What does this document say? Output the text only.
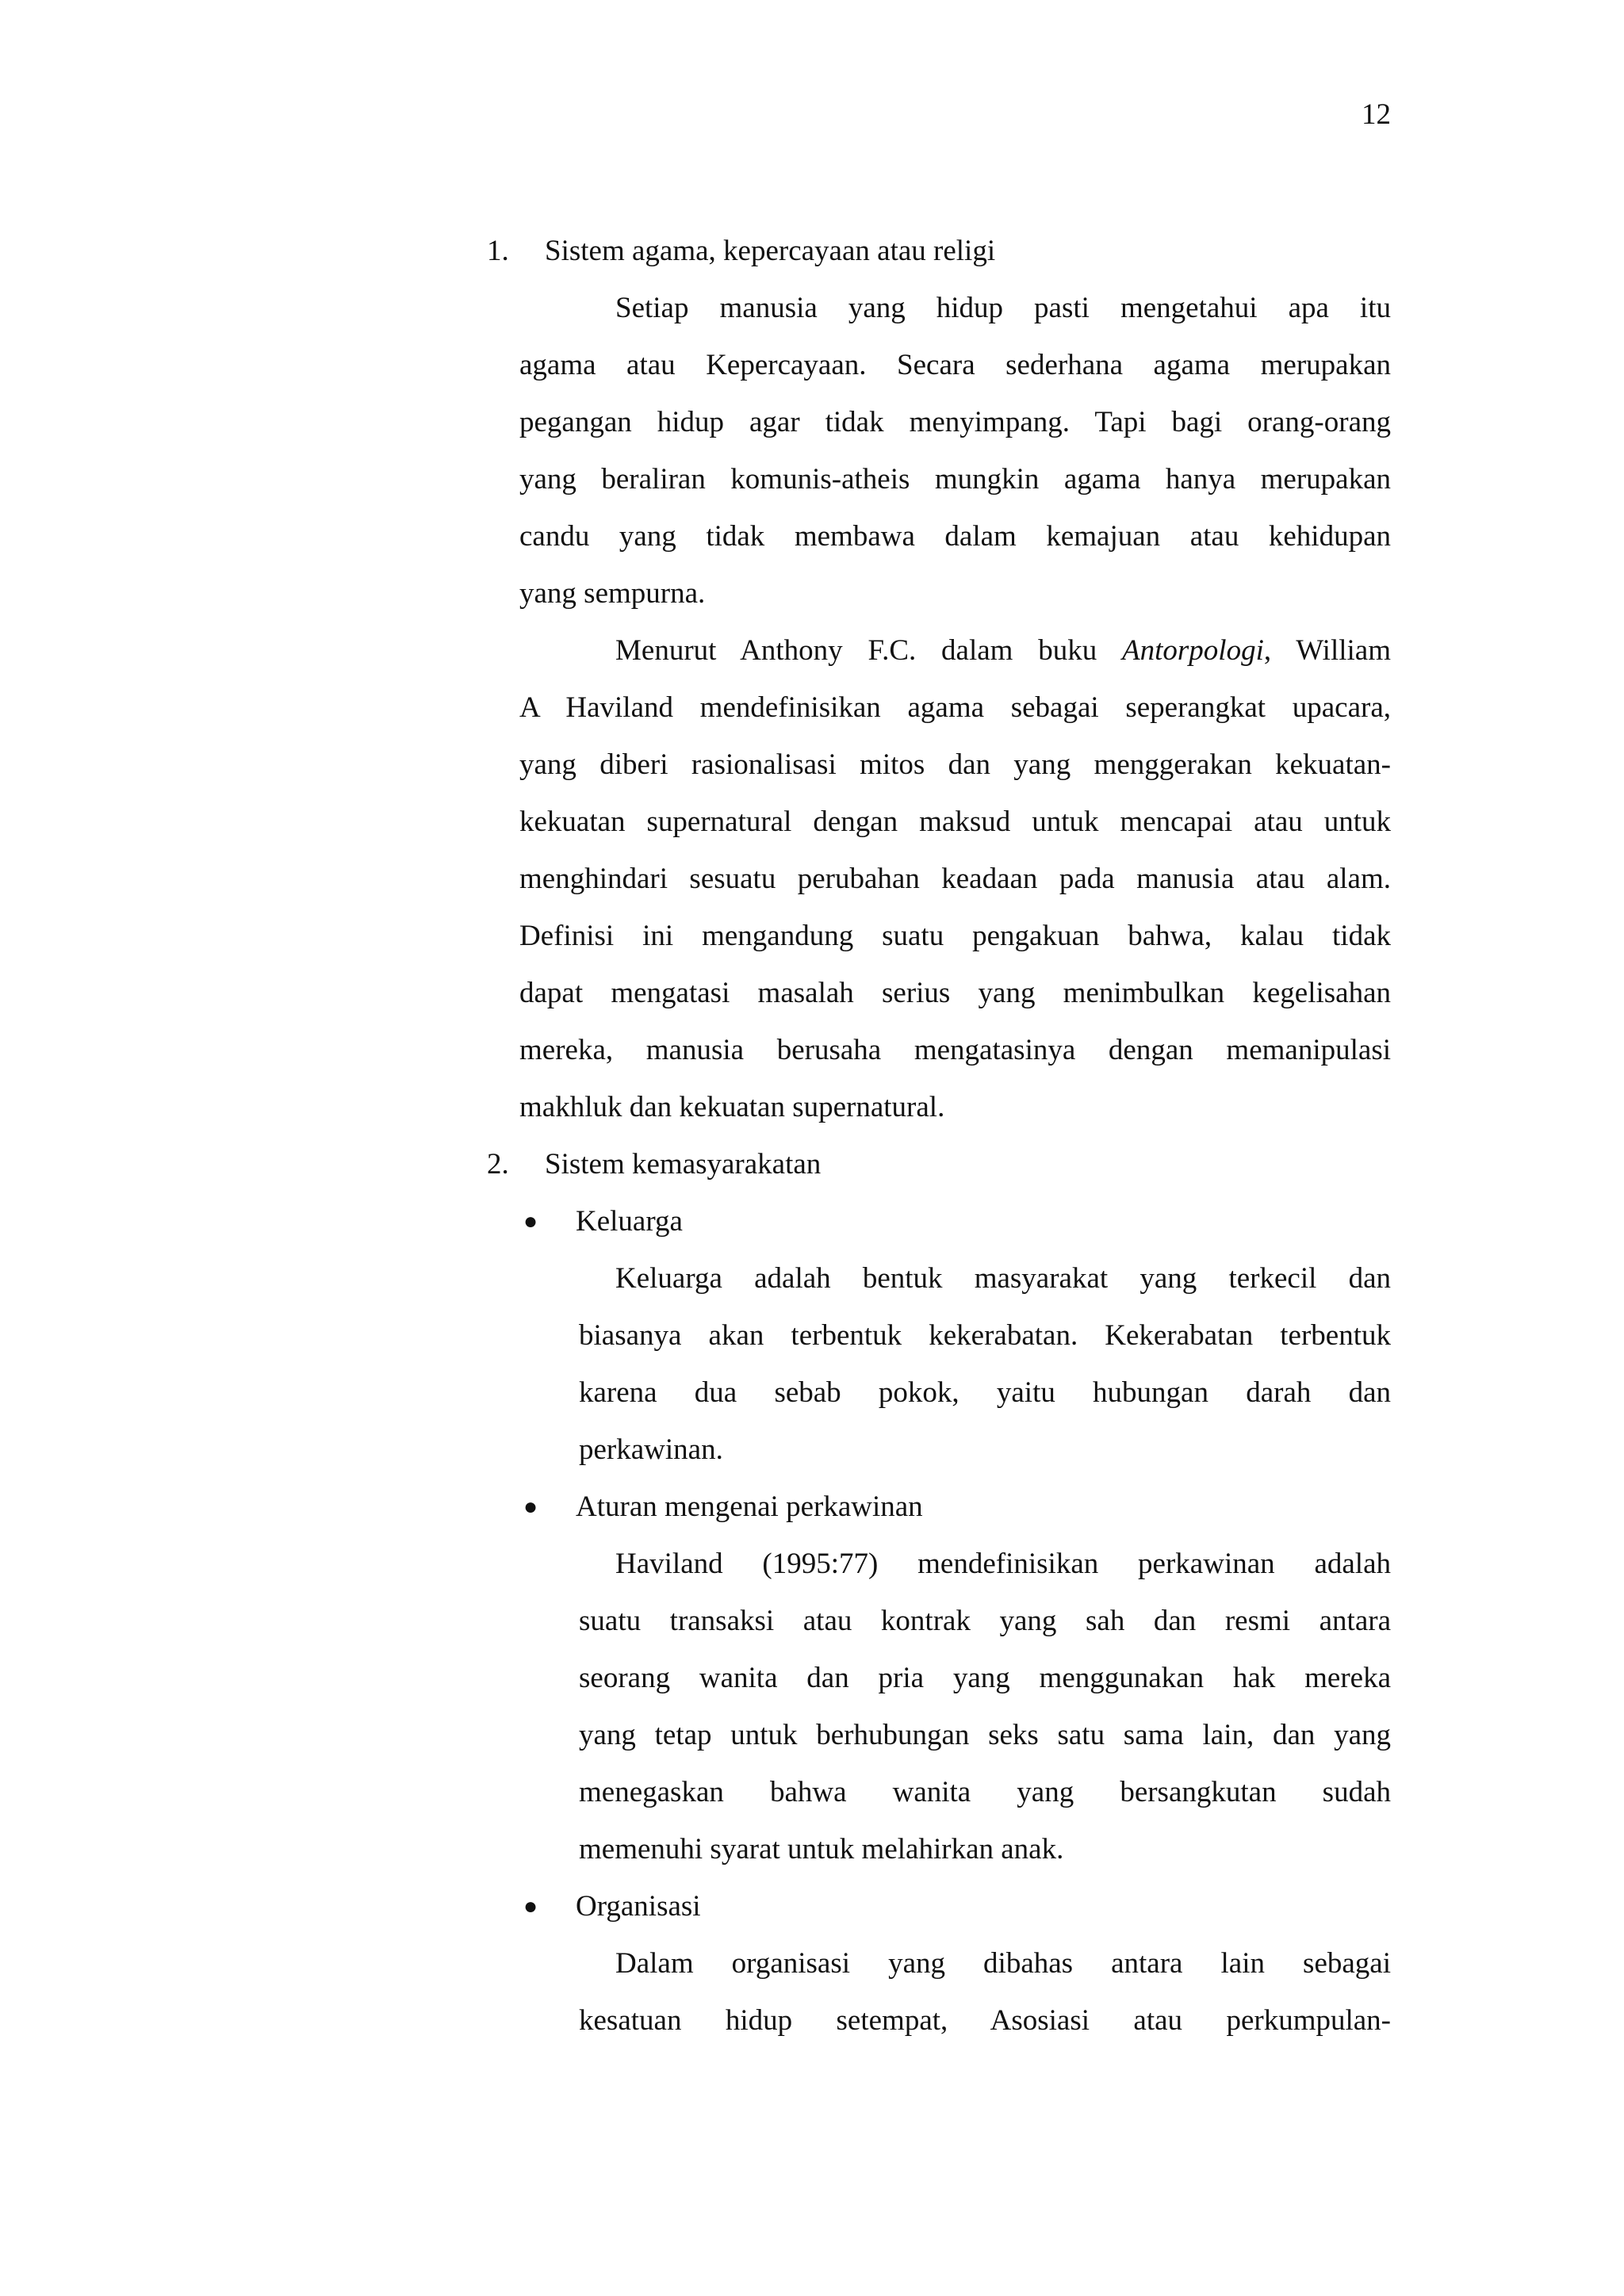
12
1. Sistem agama, kepercayaan atau religi
Setiap manusia yang hidup pasti mengetahui apa itu
agama atau Kepercayaan. Secara sederhana agama merupakan
pegangan hidup agar tidak menyimpang. Tapi bagi orang-orang
yang beraliran komunis-atheis mungkin agama hanya merupakan
candu yang tidak membawa dalam kemajuan atau kehidupan
yang sempurna.
Menurut Anthony F.C. dalam buku Antorpologi, William
A Haviland mendefinisikan agama sebagai seperangkat upacara,
yang diberi rasionalisasi mitos dan yang menggerakan kekuatan-
kekuatan supernatural dengan maksud untuk mencapai atau untuk
menghindari sesuatu perubahan keadaan pada manusia atau alam.
Definisi ini mengandung suatu pengakuan bahwa, kalau tidak
dapat mengatasi masalah serius yang menimbulkan kegelisahan
mereka, manusia berusaha mengatasinya dengan memanipulasi
makhluk dan kekuatan supernatural.
2. Sistem kemasyarakatan
● Keluarga
Keluarga adalah bentuk masyarakat yang terkecil dan
biasanya akan terbentuk kekerabatan. Kekerabatan terbentuk
karena dua sebab pokok, yaitu hubungan darah dan
perkawinan.
● Aturan mengenai perkawinan
Haviland (1995:77) mendefinisikan perkawinan adalah
suatu transaksi atau kontrak yang sah dan resmi antara
seorang wanita dan pria yang menggunakan hak mereka
yang tetap untuk berhubungan seks satu sama lain, dan yang
menegaskan bahwa wanita yang bersangkutan sudah
memenuhi syarat untuk melahirkan anak.
● Organisasi
Dalam organisasi yang dibahas antara lain sebagai
kesatuan hidup setempat, Asosiasi atau perkumpulan-
